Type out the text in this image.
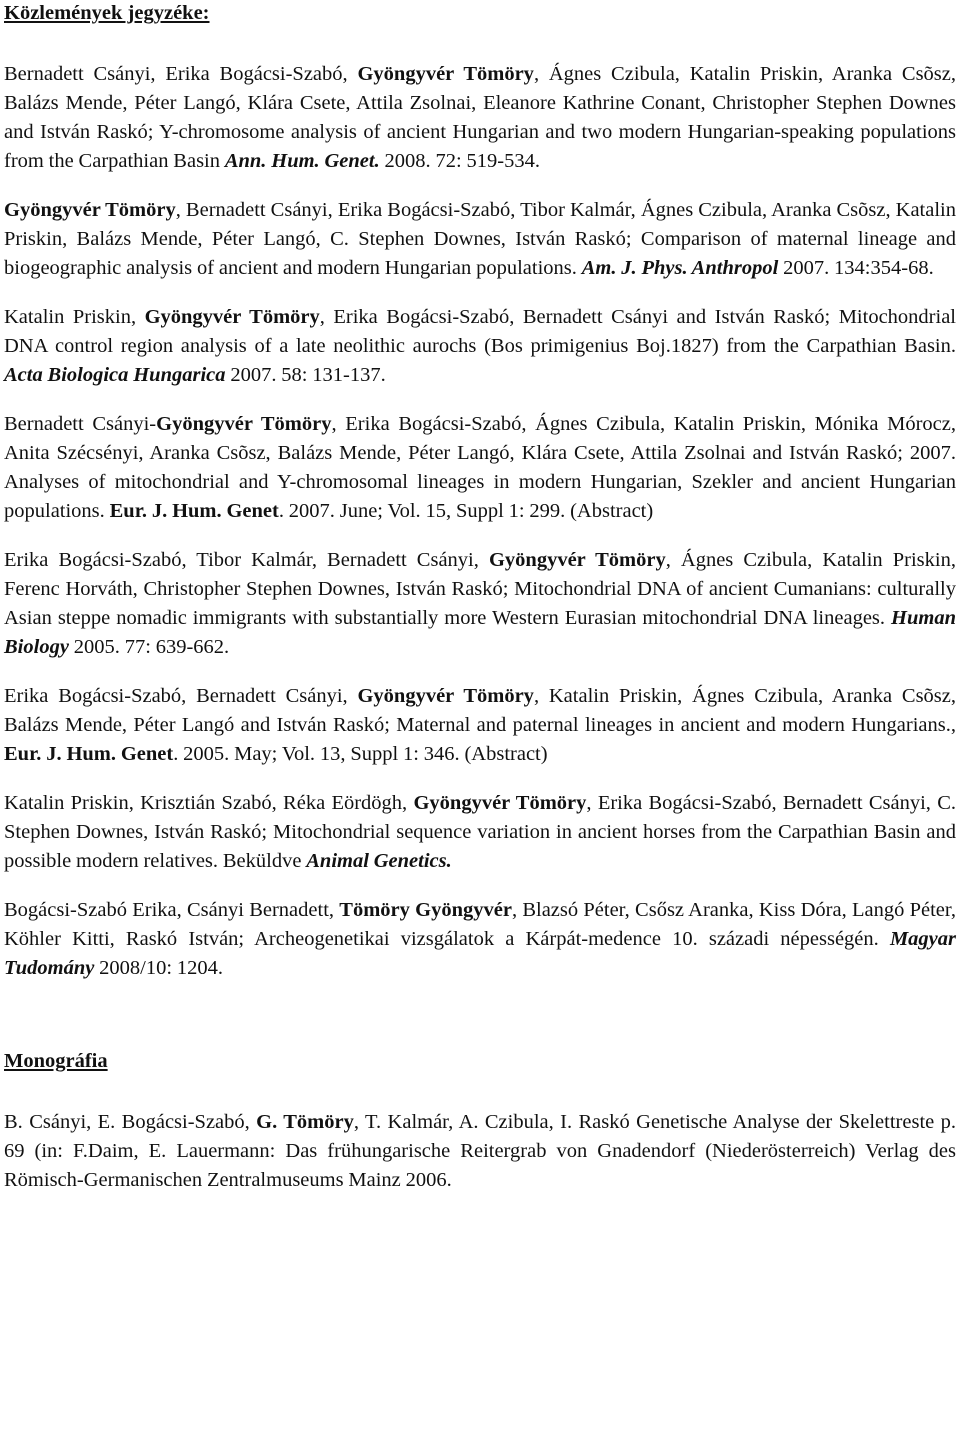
Közlemények jegyzéke:

Bernadett Csányi, Erika Bogácsi-Szabó, Gyöngyvér Tömöry, Ágnes Czibula, Katalin Priskin, Aranka Csõsz, Balázs Mende, Péter Langó, Klára Csete, Attila Zsolnai, Eleanore Kathrine Conant, Christopher Stephen Downes and István Raskó; Y-chromosome analysis of ancient Hungarian and two modern Hungarian-speaking populations from the Carpathian Basin Ann. Hum. Genet. 2008. 72: 519-534.

Gyöngyvér Tömöry, Bernadett Csányi, Erika Bogácsi-Szabó, Tibor Kalmár, Ágnes Czibula, Aranka Csõsz, Katalin Priskin, Balázs Mende, Péter Langó, C. Stephen Downes, István Raskó; Comparison of maternal lineage and biogeographic analysis of ancient and modern Hungarian populations. Am. J. Phys. Anthropol 2007. 134:354-68.

Katalin Priskin, Gyöngyvér Tömöry, Erika Bogácsi-Szabó, Bernadett Csányi and István Raskó; Mitochondrial DNA control region analysis of a late neolithic aurochs (Bos primigenius Boj.1827) from the Carpathian Basin. Acta Biologica Hungarica 2007. 58: 131-137.

Bernadett Csányi-Gyöngyvér Tömöry, Erika Bogácsi-Szabó, Ágnes Czibula, Katalin Priskin, Mónika Mórocz, Anita Szécsényi, Aranka Csõsz, Balázs Mende, Péter Langó, Klára Csete, Attila Zsolnai and István Raskó; 2007. Analyses of mitochondrial and Y-chromosomal lineages in modern Hungarian, Szekler and ancient Hungarian populations. Eur. J. Hum. Genet. 2007. June; Vol. 15, Suppl 1: 299. (Abstract)

Erika Bogácsi-Szabó, Tibor Kalmár, Bernadett Csányi, Gyöngyvér Tömöry, Ágnes Czibula, Katalin Priskin, Ferenc Horváth, Christopher Stephen Downes, István Raskó; Mitochondrial DNA of ancient Cumanians: culturally Asian steppe nomadic immigrants with substantially more Western Eurasian mitochondrial DNA lineages. Human Biology 2005. 77: 639-662.

Erika Bogácsi-Szabó, Bernadett Csányi, Gyöngyvér Tömöry, Katalin Priskin, Ágnes Czibula, Aranka Csõsz, Balázs Mende, Péter Langó and István Raskó; Maternal and paternal lineages in ancient and modern Hungarians., Eur. J. Hum. Genet. 2005. May; Vol. 13, Suppl 1: 346. (Abstract)

Katalin Priskin, Krisztián Szabó, Réka Eördögh, Gyöngyvér Tömöry, Erika Bogácsi-Szabó, Bernadett Csányi, C. Stephen Downes, István Raskó; Mitochondrial sequence variation in ancient horses from the Carpathian Basin and possible modern relatives. Beküldve Animal Genetics.

Bogácsi-Szabó Erika, Csányi Bernadett, Tömöry Gyöngyvér, Blazsó Péter, Csősz Aranka, Kiss Dóra, Langó Péter, Köhler Kitti, Raskó István; Archeogenetikai vizsgálatok a Kárpát-medence 10. századi népességén. Magyar Tudomány 2008/10: 1204.

Monográfia

B. Csányi, E. Bogácsi-Szabó, G. Tömöry, T. Kalmár, A. Czibula, I. Raskó Genetische Analyse der Skelettreste p. 69 (in: F.Daim, E. Lauermann: Das frühungarische Reitergrab von Gnadendorf (Niederösterreich) Verlag des Römisch-Germanischen Zentralmuseums Mainz 2006.
